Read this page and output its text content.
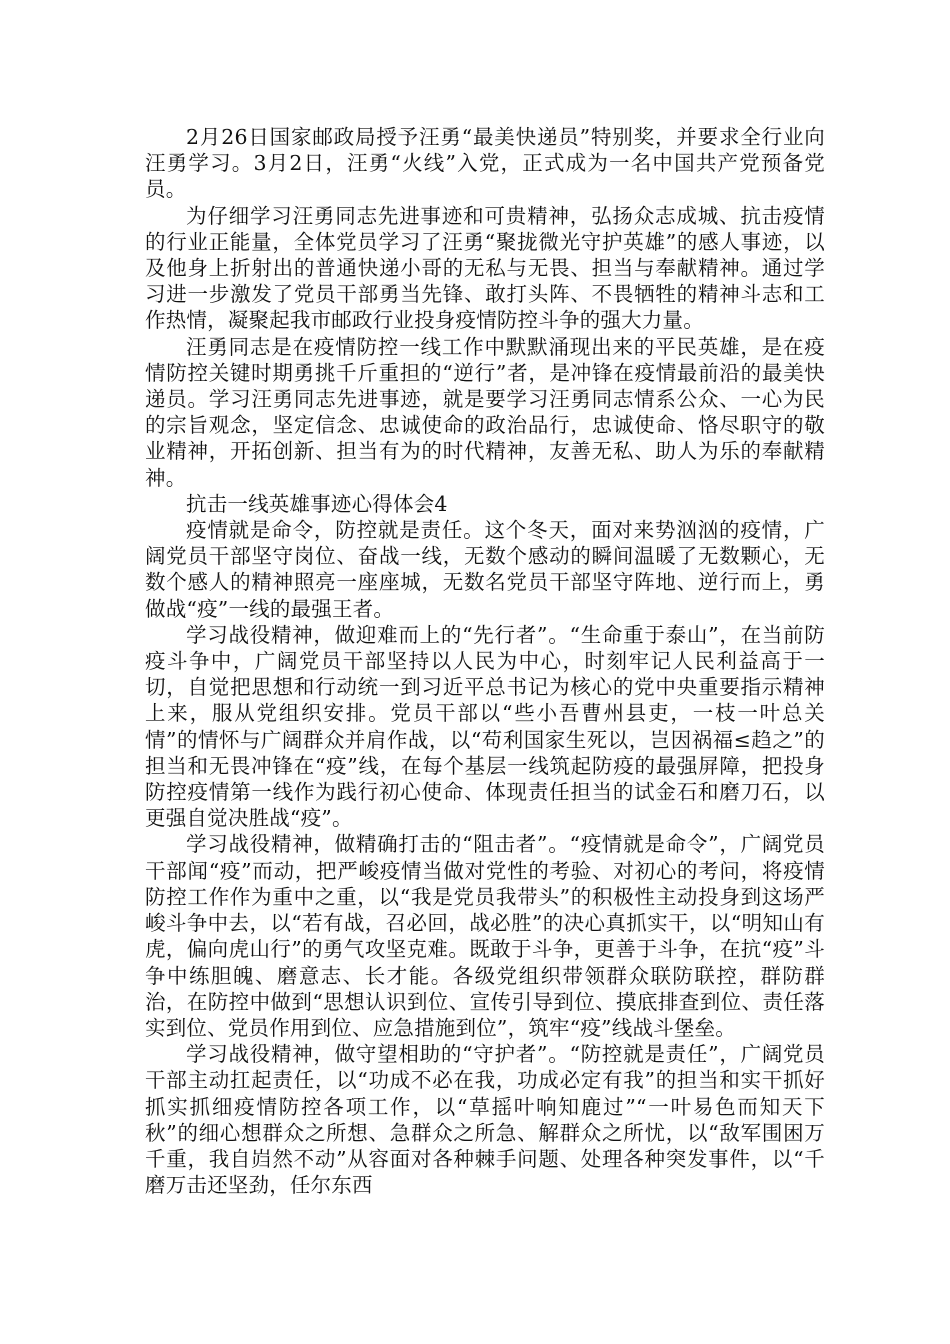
2月26日国家邮政局授予汪勇“最美快递员”特别奖，并要求全行业向汪勇学习。3月2日，汪勇“火线”入党，正式成为一名中国共产党预备党员。

为仔细学习汪勇同志先进事迹和可贵精神，弘扬众志成城、抗击疫情的行业正能量，全体党员学习了汪勇“聚拢微光守护英雄”的感人事迹，以及他身上折射出的普通快递小哥的无私与无畏、担当与奉献精神。通过学习进一步激发了党员干部勇当先锋、敢打头阵、不畏牺牲的精神斗志和工作热情，凝聚起我市邮政行业投身疫情防控斗争的强大力量。

汪勇同志是在疫情防控一线工作中默默涌现出来的平民英雄，是在疫情防控关键时期勇挑千斤重担的“逆行”者，是冲锋在疫情最前沿的最美快递员。学习汪勇同志先进事迹，就是要学习汪勇同志情系公众、一心为民的宗旨观念，坚定信念、忠诚使命的政治品行，忠诚使命、恪尽职守的敬业精神，开拓创新、担当有为的时代精神，友善无私、助人为乐的奉献精神。

抗击一线英雄事迹心得体会4

疫情就是命令，防控就是责任。这个冬天，面对来势汹汹的疫情，广阔党员干部坚守岗位、奋战一线，无数个感动的瞬间温暖了无数颗心，无数个感人的精神照亮一座座城，无数名党员干部坚守阵地、逆行而上，勇做战“疫”一线的最强王者。

学习战役精神，做迎难而上的“先行者”。“生命重于泰山”，在当前防疫斗争中，广阔党员干部坚持以人民为中心，时刻牢记人民利益高于一切，自觉把思想和行动统一到习近平总书记为核心的党中央重要指示精神上来，服从党组织安排。党员干部以“些小吾曹州县吏，一枝一叶总关情”的情怀与广阔群众并肩作战，以“苟利国家生死以，岂因祸福≤趋之”的担当和无畏冲锋在“疫”线，在每个基层一线筑起防疫的最强屏障，把投身防控疫情第一线作为践行初心使命、体现责任担当的试金石和磨刀石，以更强自觉决胜战“疫”。

学习战役精神，做精确打击的“阻击者”。“疫情就是命令”，广阔党员干部闻“疫”而动，把严峻疫情当做对党性的考验、对初心的考问，将疫情防控工作作为重中之重，以“我是党员我带头”的积极性主动投身到这场严峻斗争中去，以“若有战，召必回，战必胜”的决心真抓实干，以“明知山有虎，偏向虎山行”的勇气攻坚克难。既敢于斗争，更善于斗争，在抗“疫”斗争中练胆魄、磨意志、长才能。各级党组织带领群众联防联控，群防群治，在防控中做到“思想认识到位、宣传引导到位、摸底排查到位、责任落实到位、党员作用到位、应急措施到位”，筑牢“疫”线战斗堡垒。

学习战役精神，做守望相助的“守护者”。“防控就是责任”，广阔党员干部主动扛起责任，以“功成不必在我，功成必定有我”的担当和实干抓好抓实抓细疫情防控各项工作，以“草摇叶响知鹿过”“一叶易色而知天下秋”的细心想群众之所想、急群众之所急、解群众之所忧，以“敌军围困万千重，我自岿然不动”从容面对各种棘手问题、处理各种突发事件，以“千磨万击还坚劲，任尔东西
